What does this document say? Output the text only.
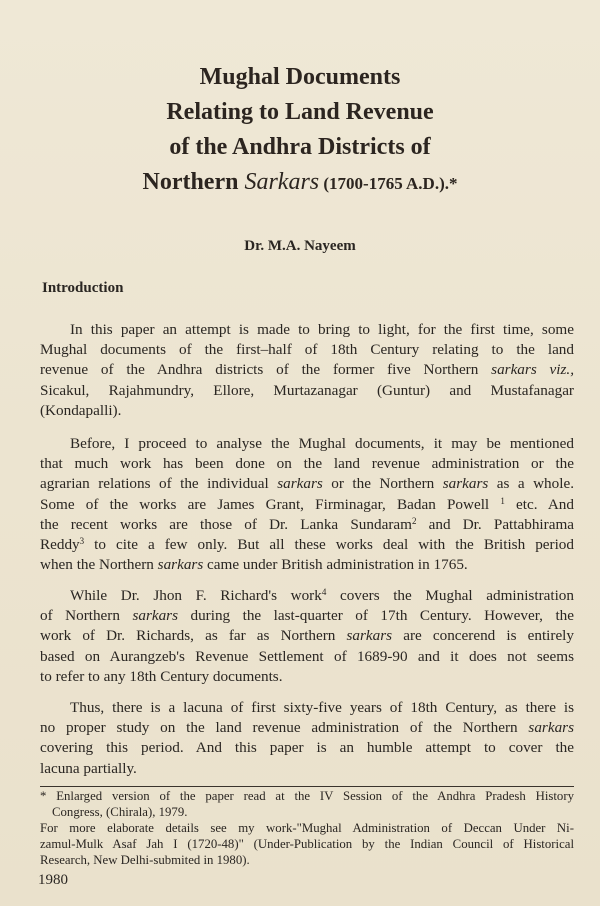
Mughal Documents
Relating to Land Revenue
of the Andhra Districts of
Northern Sarkars (1700-1765 A.D.).*
Dr. M.A. Nayeem
Introduction
In this paper an attempt is made to bring to light, for the first time, some
Mughal documents of the first–half of 18th Century relating to the land
revenue of the Andhra districts of the former five Northern sarkars viz.,
Sicakul, Rajahmundry, Ellore, Murtazanagar (Guntur) and Mustafanagar
(Kondapalli).
Before, I proceed to analyse the Mughal documents, it may be mentioned
that much work has been done on the land revenue administration or the
agrarian relations of the individual sarkars or the Northern sarkars as a whole.
Some of the works are James Grant, Firminagar, Badan Powell $^1$ etc. And
the recent works are those of Dr. Lanka Sundaram$^2$ and Dr. Pattabhirama
Reddy$^3$ to cite a few only. But all these works deal with the British period
when the Northern sarkars came under British administration in 1765.
While Dr. Jhon F. Richard's work$^4$ covers the Mughal administration
of Northern sarkars during the last-quarter of 17th Century. However, the
work of Dr. Richards, as far as Northern sarkars are concerend is entirely
based on Aurangzeb's Revenue Settlement of 1689-90 and it does not seems
to refer to any 18th Century documents.
Thus, there is a lacuna of first sixty-five years of 18th Century, as there is
no proper study on the land revenue administration of the Northern sarkars
covering this period. And this paper is an humble attempt to cover the
lacuna partially.
* Enlarged version of the paper read at the IV Session of the Andhra Pradesh History
Congress, (Chirala), 1979.
For more elaborate details see my work-"Mughal Administration of Deccan Under Ni-
zamul-Mulk Asaf Jah I (1720-48)" (Under-Publication by the Indian Council of Historical
Research, New Delhi-submited in 1980).
1980
